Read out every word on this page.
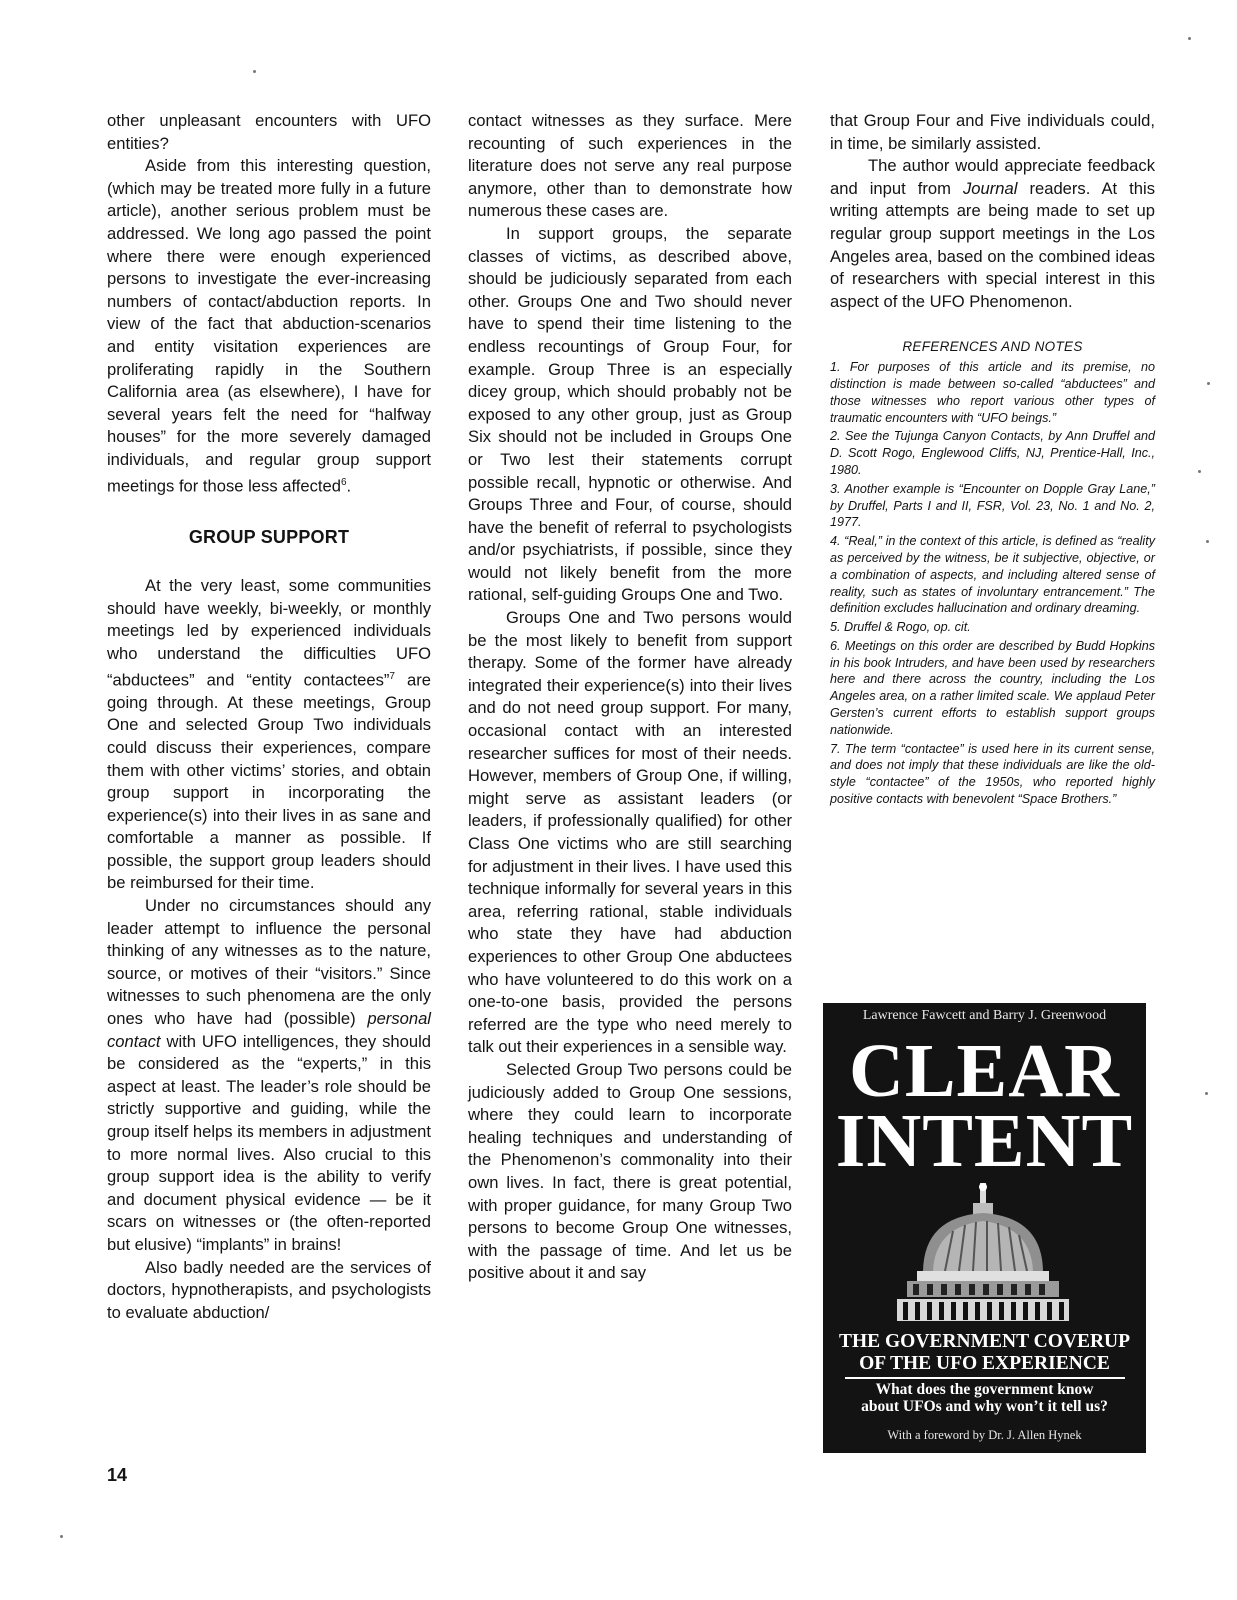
other unpleasant encounters with UFO entities?

Aside from this interesting question, (which may be treated more fully in a future article), another serious problem must be addressed. We long ago passed the point where there were enough experienced persons to investigate the ever-increasing numbers of contact/abduction reports. In view of the fact that abduction-scenarios and entity visitation experiences are proliferating rapidly in the Southern California area (as elsewhere), I have for several years felt the need for “halfway houses” for the more severely damaged individuals, and regular group support meetings for those less affected$^6$.

GROUP SUPPORT

At the very least, some communities should have weekly, bi-weekly, or monthly meetings led by experienced individuals who understand the difficulties UFO “abductees” and “entity contactees”$^7$ are going through. At these meetings, Group One and selected Group Two individuals could discuss their experiences, compare them with other victims’ stories, and obtain group support in incorporating the experience(s) into their lives in as sane and comfortable a manner as possible. If possible, the support group leaders should be reimbursed for their time.

Under no circumstances should any leader attempt to influence the personal thinking of any witnesses as to the nature, source, or motives of their “visitors.” Since witnesses to such phenomena are the only ones who have had (possible) personal contact with UFO intelligences, they should be considered as the “experts,” in this aspect at least. The leader’s role should be strictly supportive and guiding, while the group itself helps its members in adjustment to more normal lives. Also crucial to this group support idea is the ability to verify and document physical evidence — be it scars on witnesses or (the often-reported but elusive) “implants” in brains!

Also badly needed are the services of doctors, hypnotherapists, and psychologists to evaluate abduction/

contact witnesses as they surface. Mere recounting of such experiences in the literature does not serve any real purpose anymore, other than to demonstrate how numerous these cases are.

In support groups, the separate classes of victims, as described above, should be judiciously separated from each other. Groups One and Two should never have to spend their time listening to the endless recountings of Group Four, for example. Group Three is an especially dicey group, which should probably not be exposed to any other group, just as Group Six should not be included in Groups One or Two lest their statements corrupt possible recall, hypnotic or otherwise. And Groups Three and Four, of course, should have the benefit of referral to psychologists and/or psychiatrists, if possible, since they would not likely benefit from the more rational, self-guiding Groups One and Two.

Groups One and Two persons would be the most likely to benefit from support therapy. Some of the former have already integrated their experience(s) into their lives and do not need group support. For many, occasional contact with an interested researcher suffices for most of their needs. However, members of Group One, if willing, might serve as assistant leaders (or leaders, if professionally qualified) for other Class One victims who are still searching for adjustment in their lives. I have used this technique informally for several years in this area, referring rational, stable individuals who state they have had abduction experiences to other Group One abductees who have volunteered to do this work on a one-to-one basis, provided the persons referred are the type who need merely to talk out their experiences in a sensible way.

Selected Group Two persons could be judiciously added to Group One sessions, where they could learn to incorporate healing techniques and understanding of the Phenomenon’s commonality into their own lives. In fact, there is great potential, with proper guidance, for many Group Two persons to become Group One witnesses, with the passage of time. And let us be positive about it and say

that Group Four and Five individuals could, in time, be similarly assisted.

The author would appreciate feedback and input from Journal readers. At this writing attempts are being made to set up regular group support meetings in the Los Angeles area, based on the combined ideas of researchers with special interest in this aspect of the UFO Phenomenon.

REFERENCES AND NOTES

1. For purposes of this article and its premise, no distinction is made between so-called “abductees” and those witnesses who report various other types of traumatic encounters with “UFO beings.”

2. See the Tujunga Canyon Contacts, by Ann Druffel and D. Scott Rogo, Englewood Cliffs, NJ, Prentice-Hall, Inc., 1980.

3. Another example is “Encounter on Dopple Gray Lane,” by Druffel, Parts I and II, FSR, Vol. 23, No. 1 and No. 2, 1977.

4. “Real,” in the context of this article, is defined as “reality as perceived by the witness, be it subjective, objective, or a combination of aspects, and including altered sense of reality, such as states of involuntary entrancement.” The definition excludes hallucination and ordinary dreaming.

5. Druffel & Rogo, op. cit.

6. Meetings on this order are described by Budd Hopkins in his book Intruders, and have been used by researchers here and there across the country, including the Los Angeles area, on a rather limited scale. We applaud Peter Gersten’s current efforts to establish support groups nationwide.

7. The term “contactee” is used here in its current sense, and does not imply that these individuals are like the old-style “contactee” of the 1950s, who reported highly positive contacts with benevolent “Space Brothers.”

Lawrence Fawcett and Barry J. Greenwood
CLEAR
INTENT
THE GOVERNMENT COVERUP
OF THE UFO EXPERIENCE
What does the government know
about UFOs and why won’t it tell us?
With a foreword by Dr. J. Allen Hynek
14
